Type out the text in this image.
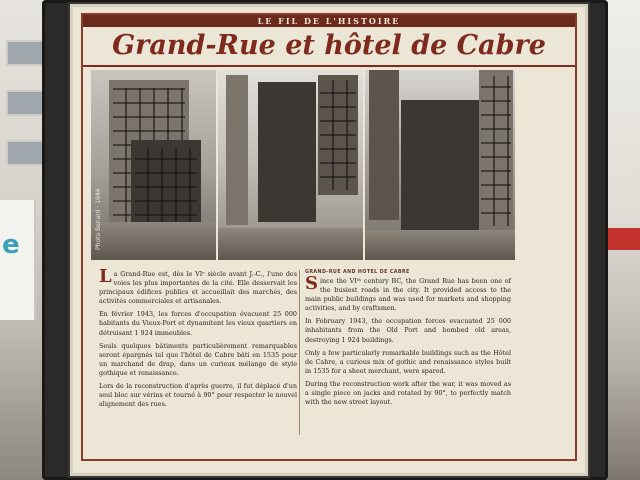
e
LE FIL DE L'HISTOIRE
Grand-Rue et hôtel de Cabre
Photo Benard · 1944

La Grand-Rue est, dès le VIᵉ siècle avant J.-C., l'une des voies les plus importantes de la cité. Elle desservait les principaux édifices publics et accueillait des marchés, des activités commerciales et artisanales.

En février 1943, les forces d'occupation évacuent 25 000 habitants du Vieux-Port et dynamitent les vieux quartiers en détruisant 1 924 immeubles.

Seuls quelques bâtiments particulièrement remarquables seront épargnés tel que l'hôtel de Cabre bâti en 1535 pour un marchand de drap, dans un curieux mélange de style gothique et renaissance.

Lors de la reconstruction d'après guerre, il fut déplacé d'un seul bloc sur vérins et tourné à 90° pour respecter le nouvel alignement des rues.

GRAND-RUE AND HOTEL DE CABRE

Since the VIᵗʰ century BC, the Grand Rue has been one of the busiest roads in the city. It provided access to the main public buildings and was used for markets and shopping activities, and by craftsmen.

In February 1943, the occupation forces evacuated 25 000 inhabitants from the Old Port and bombed old areas, destroying 1 924 buildings.

Only a few particularly remarkable buildings such as the Hôtel de Cabre, a curious mix of gothic and renaissance styles built in 1535 for a sheet merchant, were spared.

During the reconstruction work after the war, it was moved as a single piece on jacks and rotated by 90°, to perfectly match with the new street layout.
